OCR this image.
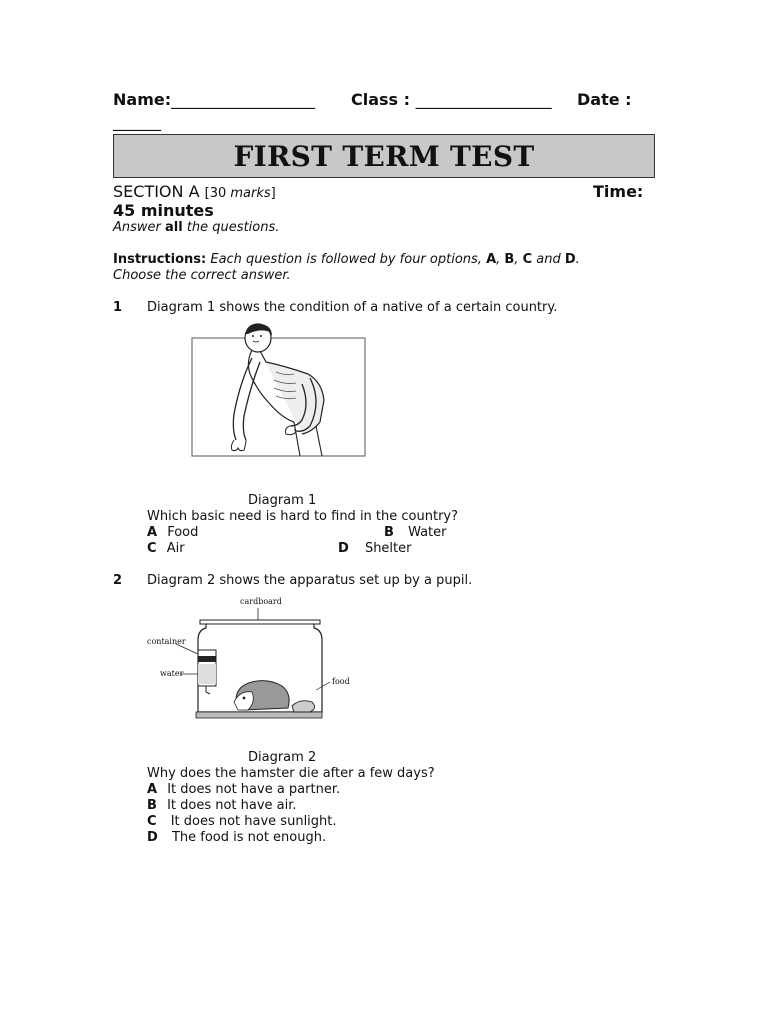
Name:__________________ Class : _________________ Date :
______
FIRST TERM TEST
SECTION A [30 marks]	Time:
45 minutes
Answer all the questions.
Instructions: Each question is followed by four options, A, B, C and D.
Choose the correct answer.
1 Diagram 1 shows the condition of a native of a certain country.
Diagram 1
Which basic need is hard to find in the country?
A Food	B Water
C Air	D Shelter
2 Diagram 2 shows the apparatus set up by a pupil.
cardboard
container
water
food
Diagram 2
Why does the hamster die after a few days?
A It does not have a partner.
B It does not have air.
C It does not have sunlight.
D The food is not enough.
